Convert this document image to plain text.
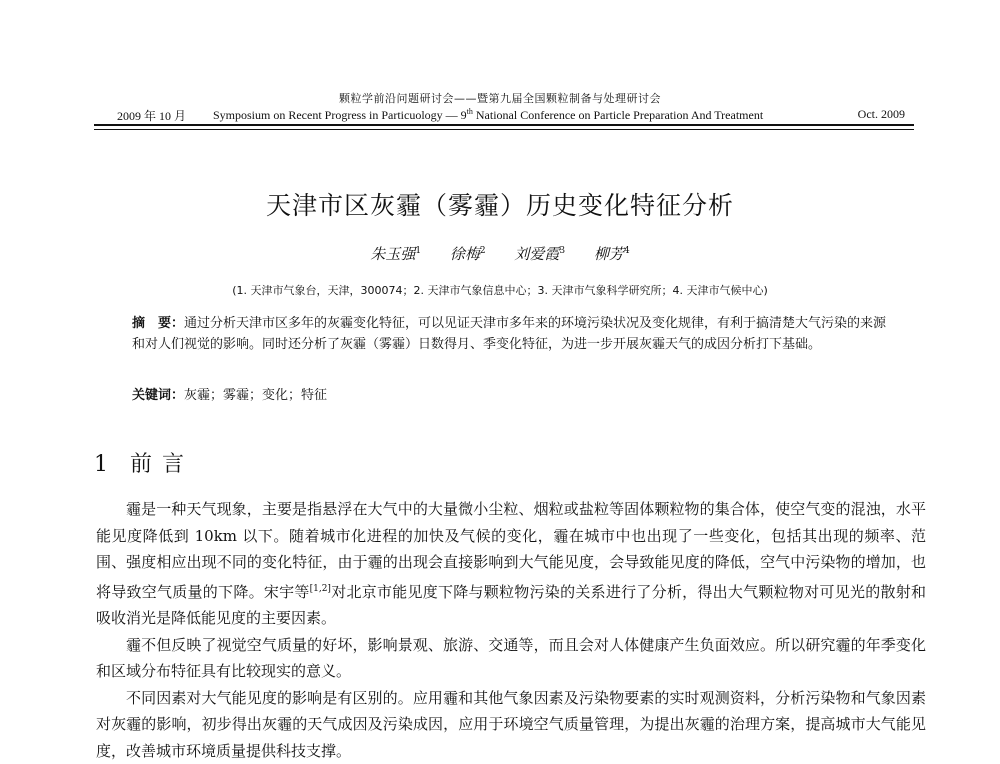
颗粒学前沿问题研讨会——暨第九届全国颗粒制备与处理研讨会
2009 年 10 月 Symposium on Recent Progress in Particuology — 9th National Conference on Particle Preparation And Treatment	Oct. 2009
天津市区灰霾（雾霾）历史变化特征分析
朱玉强$^1$ 徐梅$^2$ 刘爱霞$^3$ 柳芳$^4$
(1. 天津市气象台，天津，300074；2. 天津市气象信息中心；3. 天津市气象科学研究所；4. 天津市气候中心)
摘　要：通过分析天津市区多年的灰霾变化特征，可以见证天津市多年来的环境污染状况及变化规律，有利于搞清楚大气污染的来源和对人们视觉的影响。同时还分析了灰霾（雾霾）日数得月、季变化特征，为进一步开展灰霾天气的成因分析打下基础。
关键词：灰霾；雾霾；变化；特征
1 前言

霾是一种天气现象，主要是指悬浮在大气中的大量微小尘粒、烟粒或盐粒等固体颗粒物的集合体，使空气变的混浊，水平能见度降低到 10km 以下。随着城市化进程的加快及气候的变化，霾在城市中也出现了一些变化，包括其出现的频率、范围、强度相应出现不同的变化特征，由于霾的出现会直接影响到大气能见度，会导致能见度的降低，空气中污染物的增加，也将导致空气质量的下降。宋宇等[1,2]对北京市能见度下降与颗粒物污染的关系进行了分析，得出大气颗粒物对可见光的散射和吸收消光是降低能见度的主要因素。

霾不但反映了视觉空气质量的好坏，影响景观、旅游、交通等，而且会对人体健康产生负面效应。所以研究霾的年季变化和区域分布特征具有比较现实的意义。

不同因素对大气能见度的影响是有区别的。应用霾和其他气象因素及污染物要素的实时观测资料，分析污染物和气象因素对灰霾的影响，初步得出灰霾的天气成因及污染成因，应用于环境空气质量管理，为提出灰霾的治理方案，提高城市大气能见度，改善城市环境质量提供科技支撑。
